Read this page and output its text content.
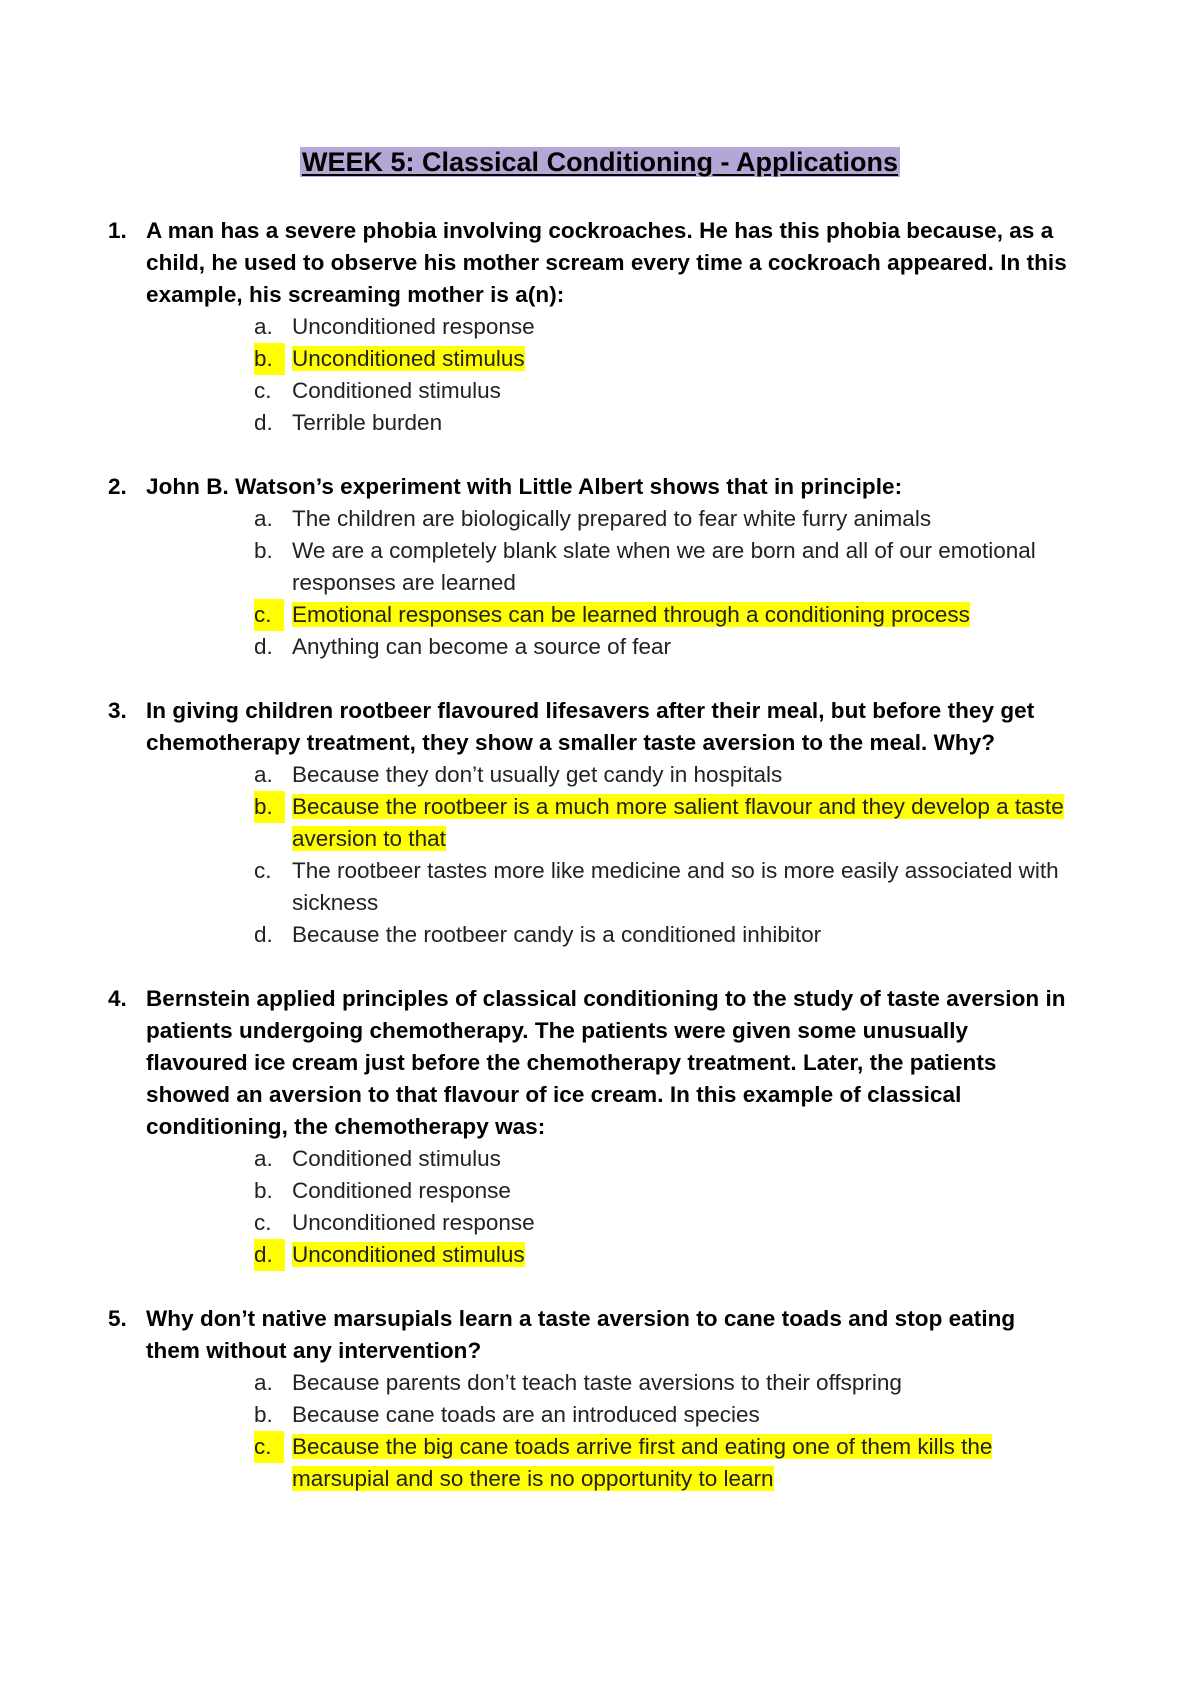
WEEK 5: Classical Conditioning - Applications
1. A man has a severe phobia involving cockroaches. He has this phobia because, as a child, he used to observe his mother scream every time a cockroach appeared. In this example, his screaming mother is a(n):
a. Unconditioned response
b. Unconditioned stimulus
c. Conditioned stimulus
d. Terrible burden
2. John B. Watson’s experiment with Little Albert shows that in principle:
a. The children are biologically prepared to fear white furry animals
b. We are a completely blank slate when we are born and all of our emotional responses are learned
c. Emotional responses can be learned through a conditioning process
d. Anything can become a source of fear
3. In giving children rootbeer flavoured lifesavers after their meal, but before they get chemotherapy treatment, they show a smaller taste aversion to the meal. Why?
a. Because they don’t usually get candy in hospitals
b. Because the rootbeer is a much more salient flavour and they develop a taste aversion to that
c. The rootbeer tastes more like medicine and so is more easily associated with sickness
d. Because the rootbeer candy is a conditioned inhibitor
4. Bernstein applied principles of classical conditioning to the study of taste aversion in patients undergoing chemotherapy. The patients were given some unusually flavoured ice cream just before the chemotherapy treatment. Later, the patients showed an aversion to that flavour of ice cream. In this example of classical conditioning, the chemotherapy was:
a. Conditioned stimulus
b. Conditioned response
c. Unconditioned response
d. Unconditioned stimulus
5. Why don’t native marsupials learn a taste aversion to cane toads and stop eating them without any intervention?
a. Because parents don’t teach taste aversions to their offspring
b. Because cane toads are an introduced species
c. Because the big cane toads arrive first and eating one of them kills the marsupial and so there is no opportunity to learn
